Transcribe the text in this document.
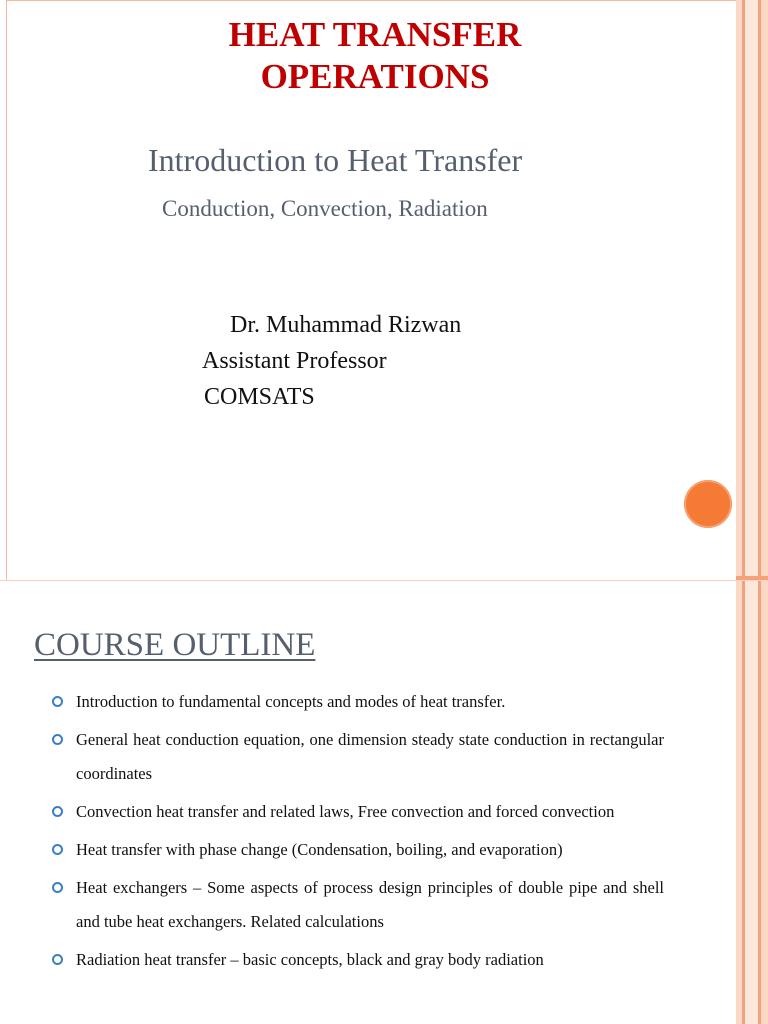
HEAT TRANSFER OPERATIONS
Introduction to Heat Transfer
Conduction, Convection, Radiation
Dr. Muhammad Rizwan
Assistant Professor
COMSATS
COURSE OUTLINE
Introduction to fundamental concepts and modes of heat transfer.
General heat conduction equation, one dimension steady state conduction in rectangular coordinates
Convection heat transfer and related laws, Free convection and forced convection
Heat transfer with phase change (Condensation, boiling, and evaporation)
Heat exchangers – Some aspects of process design principles of double pipe and shell and tube heat exchangers. Related calculations
Radiation heat transfer – basic concepts, black and gray body radiation
